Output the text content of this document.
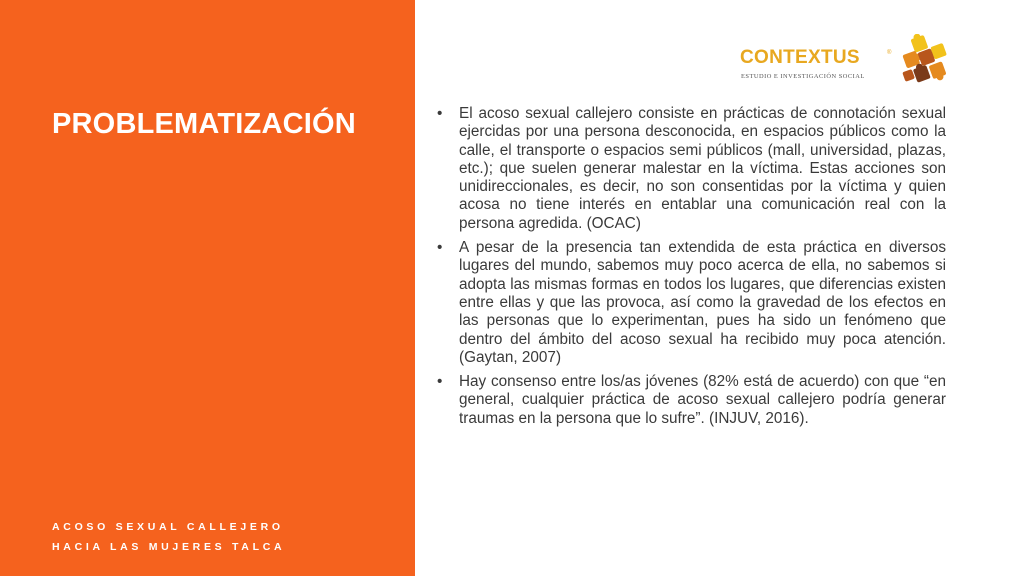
PROBLEMATIZACIÓN
ACOSO SEXUAL CALLEJERO
HACIA LAS MUJERES TALCA
CONTEXTUS	®
ESTUDIO E INVESTIGACIÓN SOCIAL
• El acoso sexual callejero consiste en prácticas de connotación sexual ejercidas por una persona desconocida, en espacios públicos como la calle, el transporte o espacios semi públicos (mall, universidad, plazas, etc.); que suelen generar malestar en la víctima. Estas acciones son unidireccionales, es decir, no son consentidas por la víctima y quien acosa no tiene interés en entablar una comunicación real con la persona agredida. (OCAC)
• A pesar de la presencia tan extendida de esta práctica en diversos lugares del mundo, sabemos muy poco acerca de ella, no sabemos si adopta las mismas formas en todos los lugares, que diferencias existen entre ellas y que las provoca, así como la gravedad de los efectos en las personas que lo experimentan, pues ha sido un fenómeno que dentro del ámbito del acoso sexual ha recibido muy poca atención. (Gaytan, 2007)
• Hay consenso entre los/as jóvenes (82% está de acuerdo) con que “en general, cualquier práctica de acoso sexual callejero podría generar traumas en la persona que lo sufre”. (INJUV, 2016).
